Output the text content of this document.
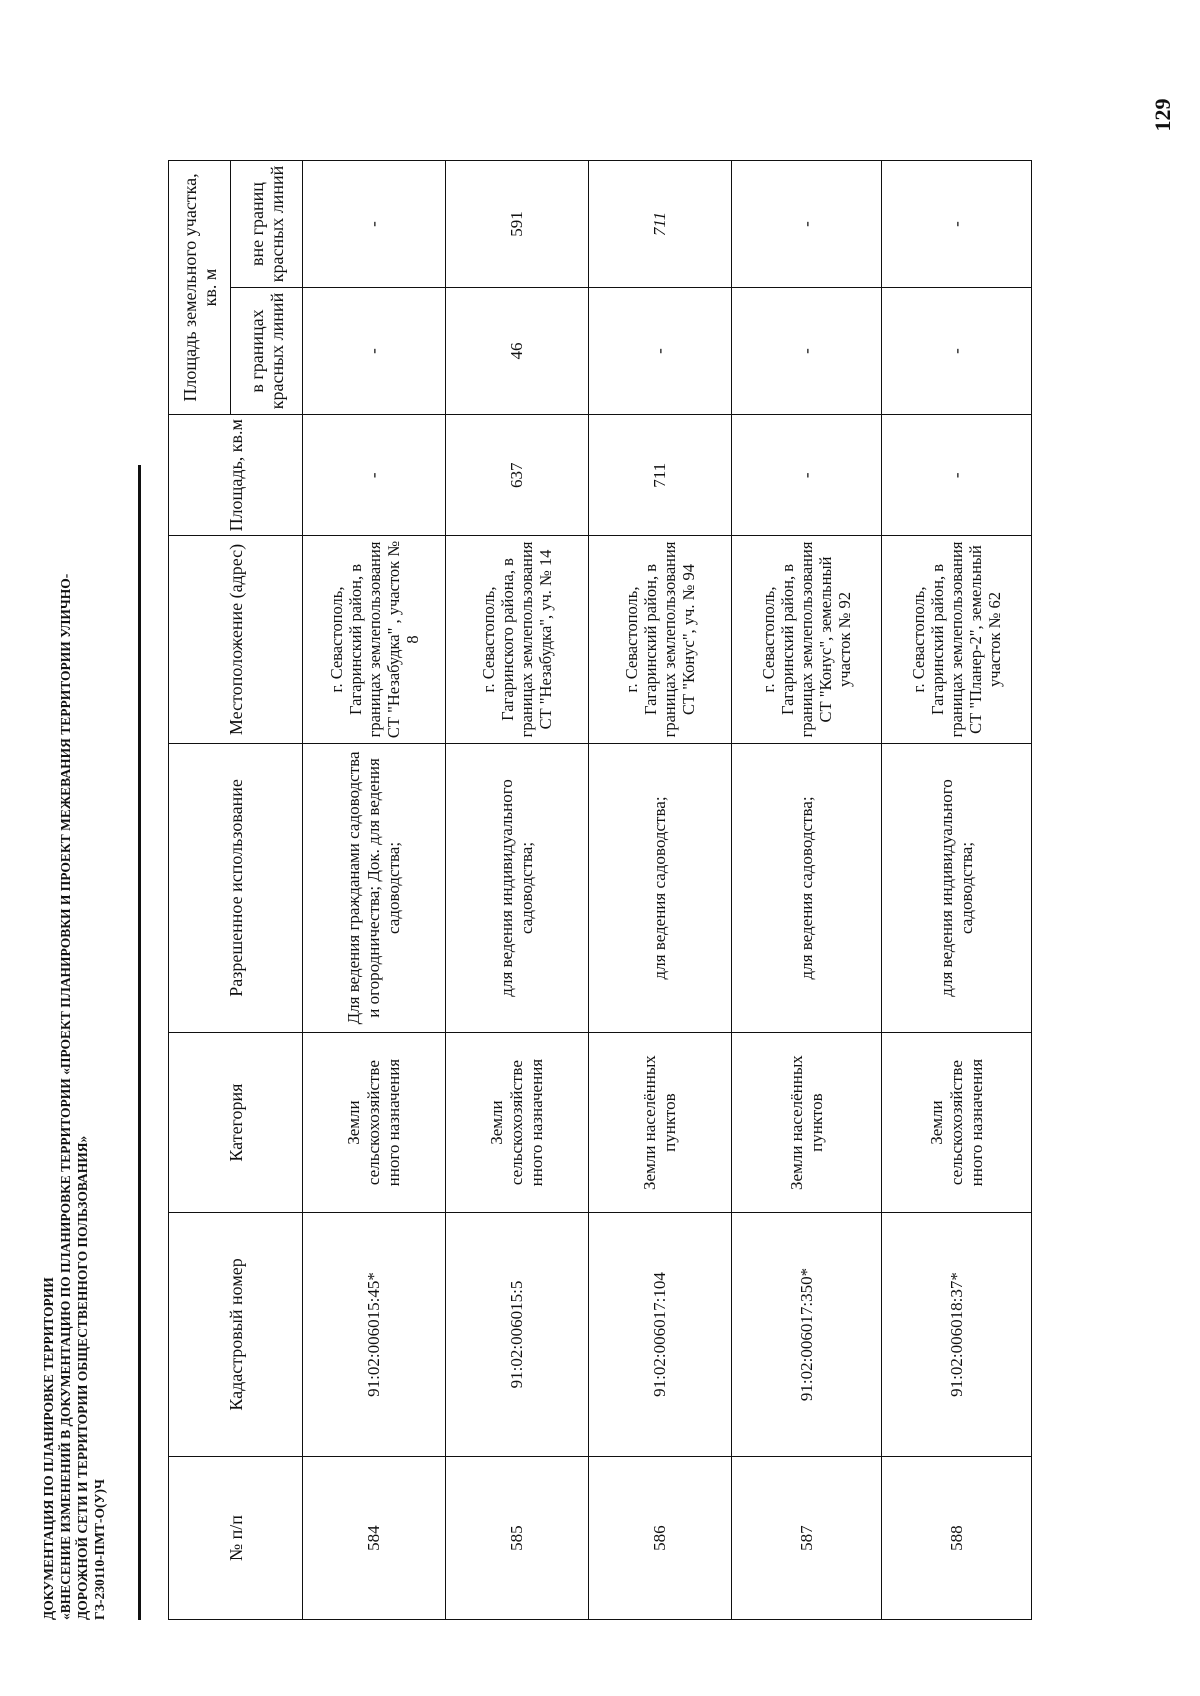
129
ДОКУМЕНТАЦИЯ ПО ПЛАНИРОВКЕ ТЕРРИТОРИИ «ВНЕСЕНИЕ ИЗМЕНЕНИЙ В ДОКУМЕНТАЦИЮ ПО ПЛАНИРОВКЕ ТЕРРИТОРИИ «ПРОЕКТ ПЛАНИРОВКИ И ПРОЕКТ МЕЖЕВАНИЯ ТЕРРИТОРИИ УЛИЧНО- ДОРОЖНОЙ СЕТИ И ТЕРРИТОРИИ ОБЩЕСТВЕННОГО ПОЛЬЗОВАНИЯ» ГЗ-230110-ПМТ-О(У)Ч	№ п/п	Кадастровый номер	Категория	Разрешенное использование	Местоположение (адрес)	Площадь, кв.м	Площадь земельного участка, кв. м	
						в границах красных линий	вне границ красных линий
584	91:02:006015:45*	Земли сельскохозяйстве нного назначения	Для ведения гражданами садоводства и огородничества; Док. для ведения садоводства;	г. Севастополь, Гагаринский район, в границах землепользования СТ "Незабудка" , участок № 8	-	-	-
585	91:02:006015:5	Земли сельскохозяйстве нного назначения	для ведения индивидуального садоводства;	г. Севастополь, Гагаринского района, в границах землепользования СТ "Незабудка", уч. № 14	637	46	591
586	91:02:006017:104	Земли населённых пунктов	для ведения садоводства;	г. Севастополь, Гагаринский район, в границах землепользования СТ "Конус", уч. № 94	711	-	711
587	91:02:006017:350*	Земли населённых пунктов	для ведения садоводства;	г. Севастополь, Гагаринский район, в границах землепользования СТ "Конус", земельный участок № 92	-	-	-
588	91:02:006018:37*	Земли сельскохозяйстве нного назначения	для ведения индивидуального садоводства;	г. Севастополь, Гагаринский район, в границах землепользования СТ "Планер-2", земельный участок № 62	-	-	-
